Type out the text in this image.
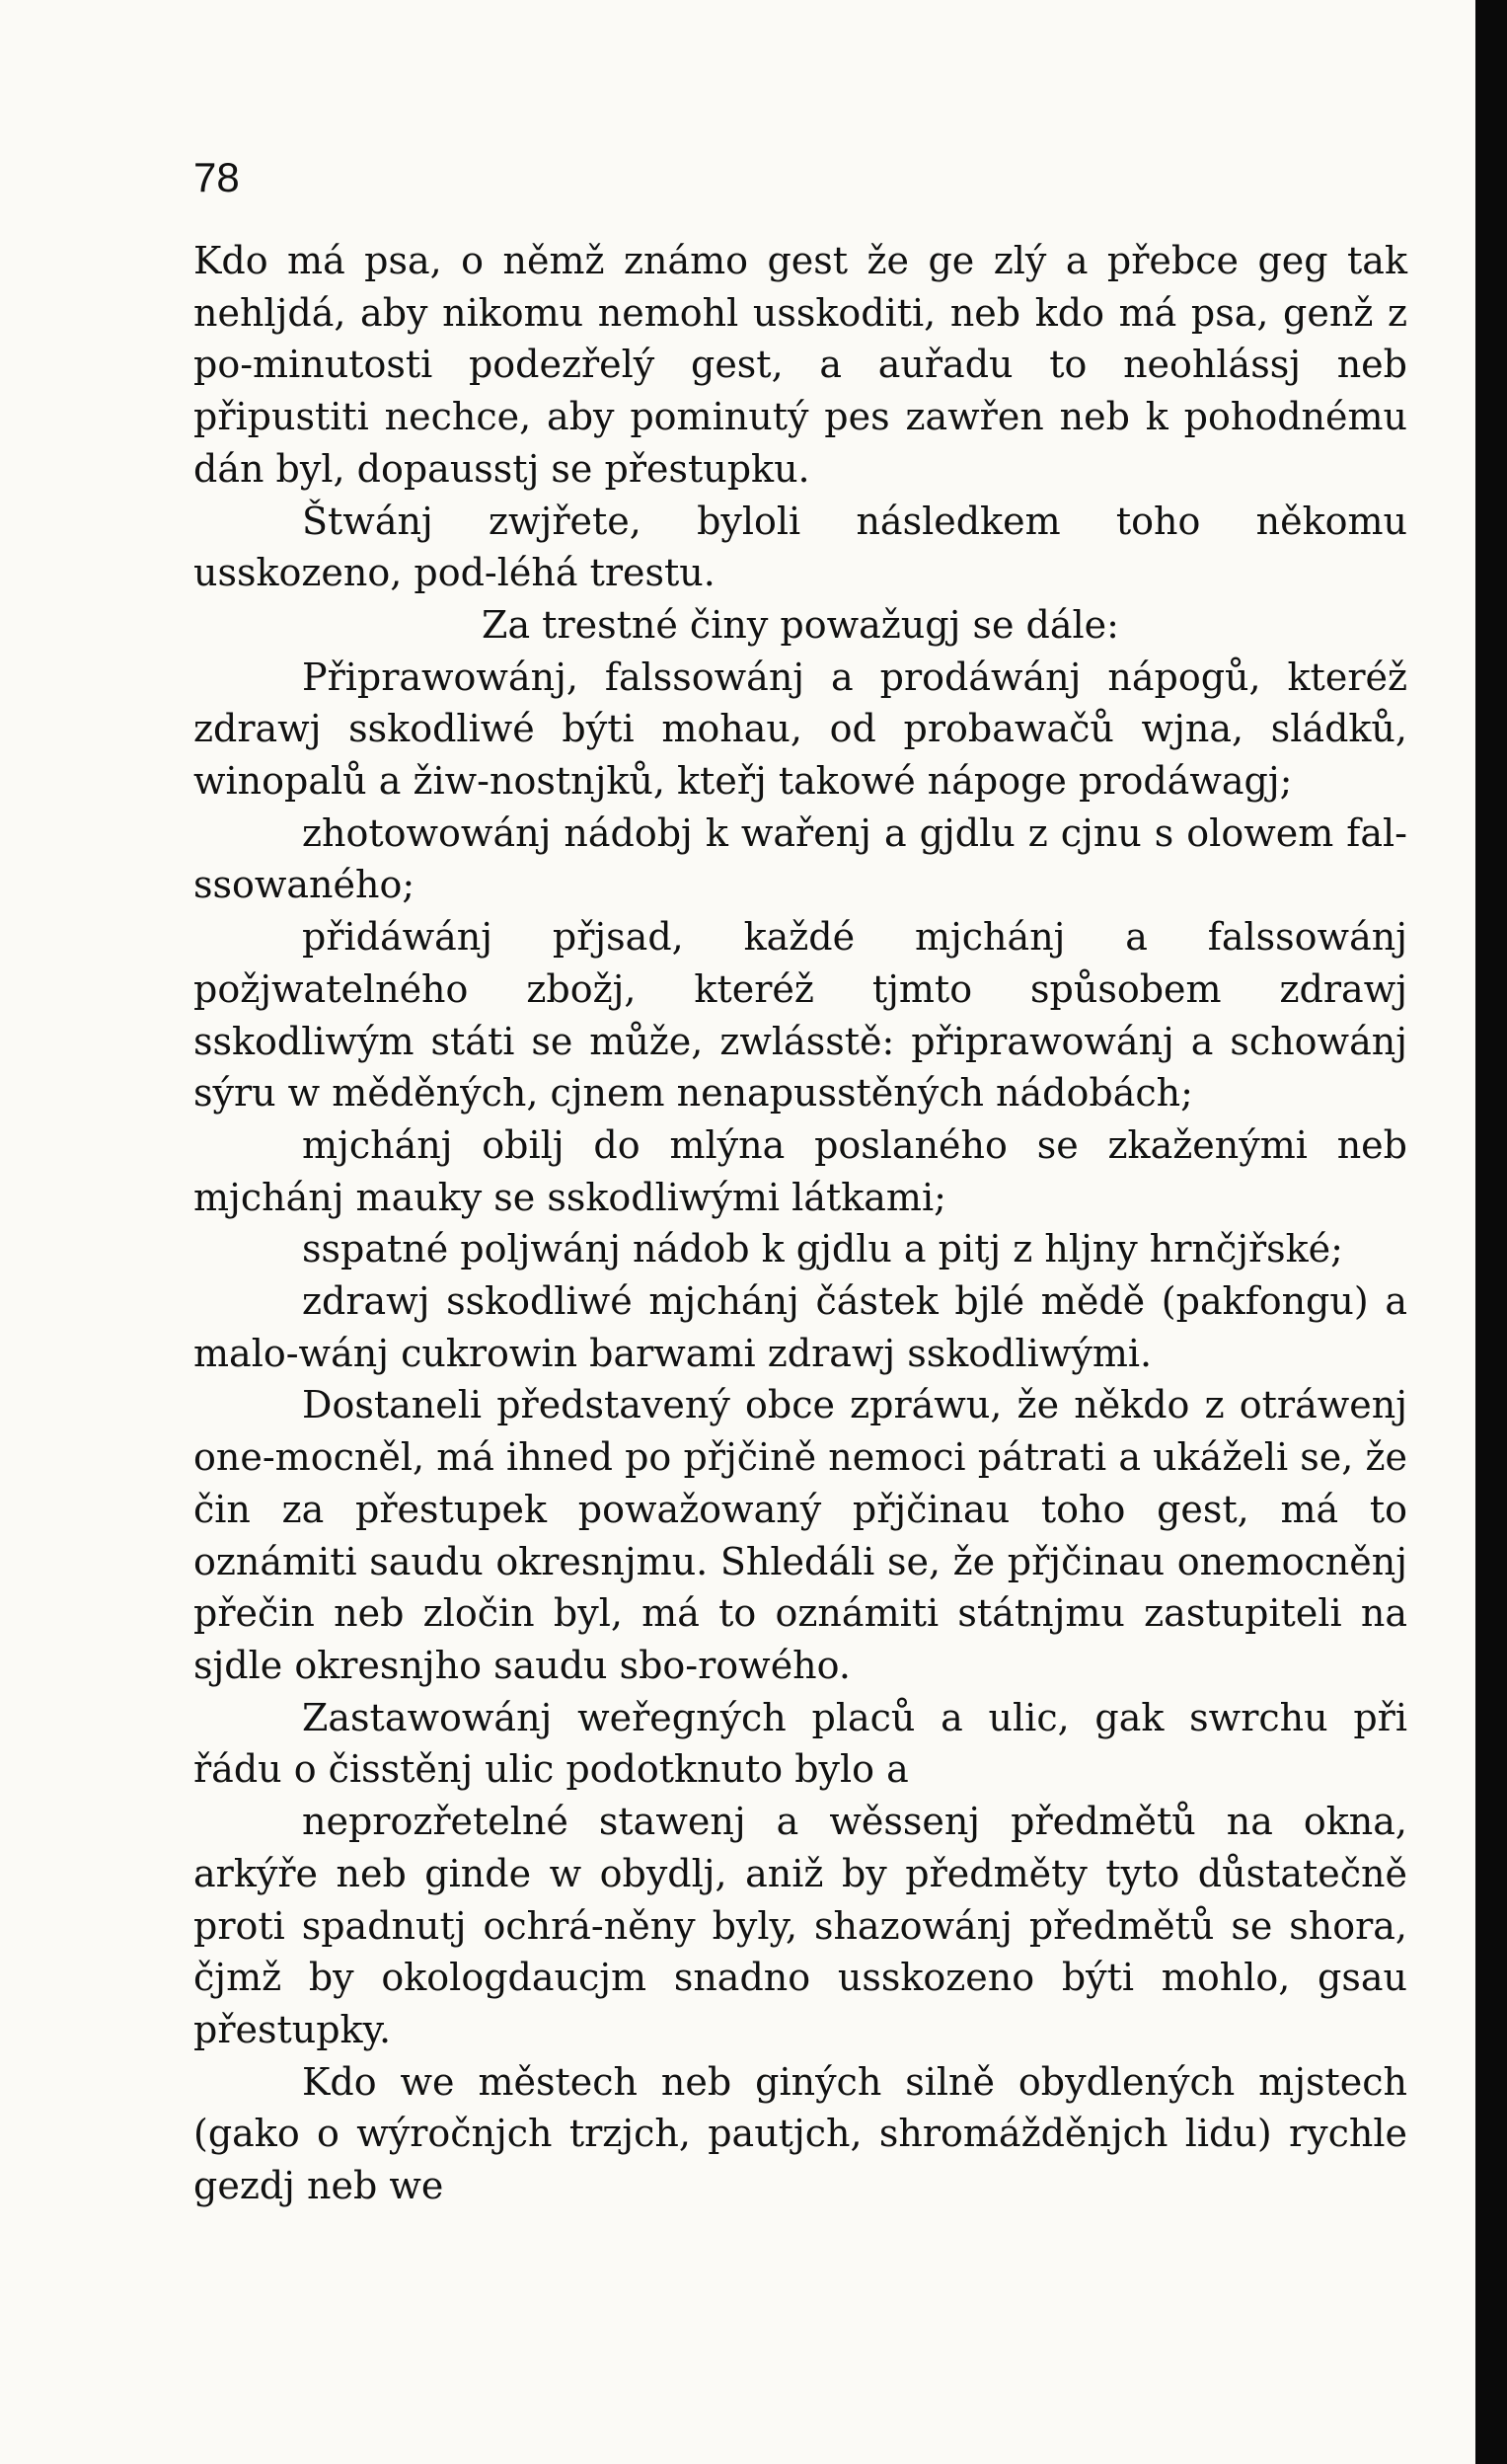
78

Kdo má psa, o němž známo gest že ge zlý a přebce geg tak nehljdá, aby nikomu nemohl usskoditi, neb kdo má psa, genž z po-minutosti podezřelý gest, a auřadu to neohlássj neb připustiti nechce, aby pominutý pes zawřen neb k pohodnému dán byl, dopausstj se přestupku.

Štwánj zwjřete, byloli následkem toho někomu usskozeno, pod-léhá trestu.

Za trestné činy powažugj se dále:

Připrawowánj, falssowánj a prodáwánj nápogů, kteréž zdrawj sskodliwé býti mohau, od probawačů wjna, sládků, winopalů a žiw-nostnjků, kteřj takowé nápoge prodáwagj;

zhotowowánj nádobj k wařenj a gjdlu z cjnu s olowem fal-ssowaného;

přidáwánj přjsad, každé mjchánj a falssowánj požjwatelného zbožj, kteréž tjmto spůsobem zdrawj sskodliwým státi se může, zwlásstě: připrawowánj a schowánj sýru w měděných, cjnem nenapusstěných nádobách;

mjchánj obilj do mlýna poslaného se zkaženými neb mjchánj mauky se sskodliwými látkami;

sspatné poljwánj nádob k gjdlu a pitj z hljny hrnčjřské;

zdrawj sskodliwé mjchánj částek bjlé mědě (pakfongu) a malo-wánj cukrowin barwami zdrawj sskodliwými.

Dostaneli představený obce zpráwu, že někdo z otráwenj one-mocněl, má ihned po přjčině nemoci pátrati a ukáželi se, že čin za přestupek powažowaný přjčinau toho gest, má to oznámiti saudu okresnjmu. Shledáli se, že přjčinau onemocněnj přečin neb zločin byl, má to oznámiti státnjmu zastupiteli na sjdle okresnjho saudu sbo-rowého.

Zastawowánj weřegných placů a ulic, gak swrchu při řádu o čisstěnj ulic podotknuto bylo a

neprozřetelné stawenj a wěssenj předmětů na okna, arkýře neb ginde w obydlj, aniž by předměty tyto důstatečně proti spadnutj ochrá-něny byly, shazowánj předmětů se shora, čjmž by okologdaucjm snadno usskozeno býti mohlo, gsau přestupky.

Kdo we městech neb giných silně obydlených mjstech (gako o wýročnjch trzjch, pautjch, shromážděnjch lidu) rychle gezdj neb we
